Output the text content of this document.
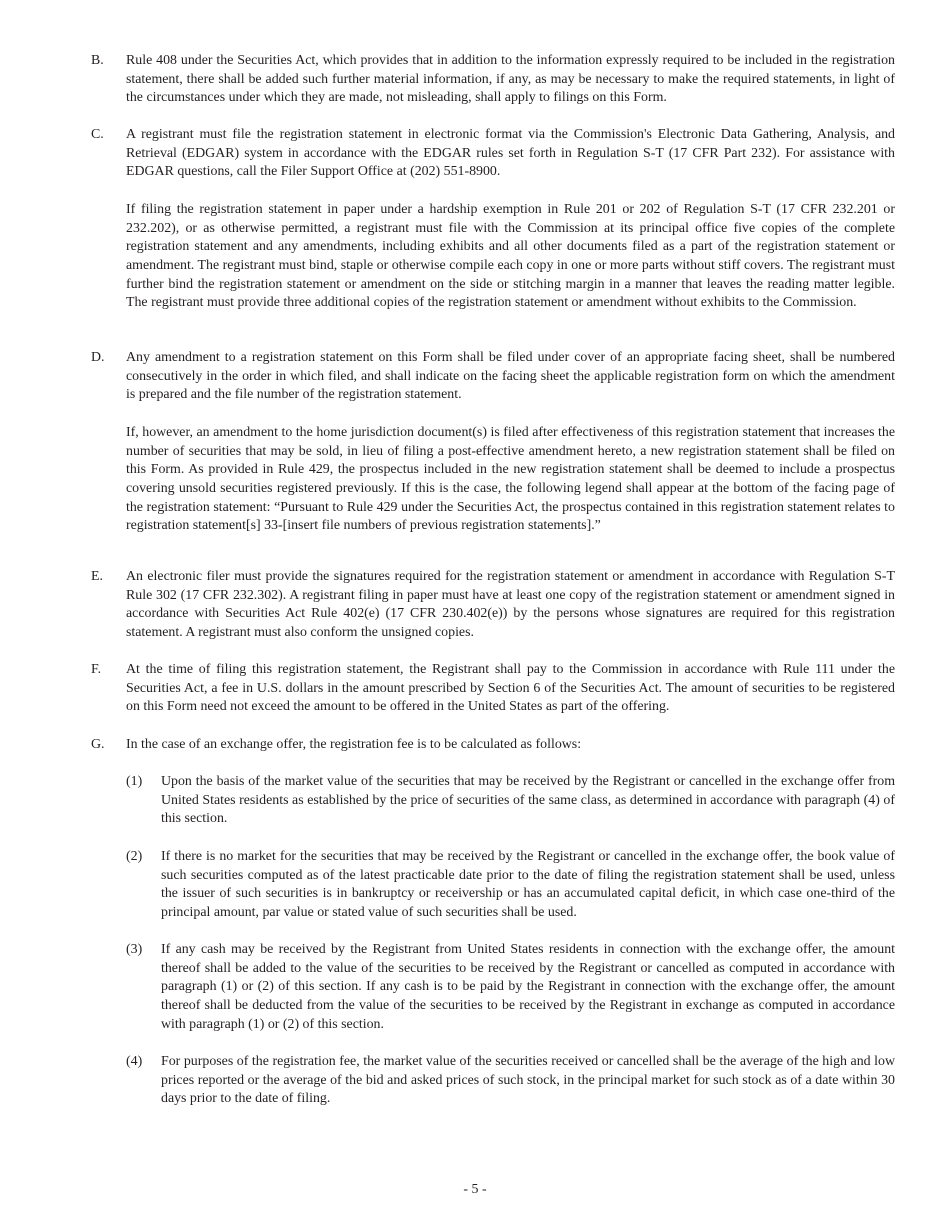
B.	Rule 408 under the Securities Act, which provides that in addition to the information expressly required to be included in the registration statement, there shall be added such further material information, if any, as may be necessary to make the required statements, in light of the circumstances under which they are made, not misleading, shall apply to filings on this Form.

C.	A registrant must file the registration statement in electronic format via the Commission's Electronic Data Gathering, Analysis, and Retrieval (EDGAR) system in accordance with the EDGAR rules set forth in Regulation S-T (17 CFR Part 232). For assistance with EDGAR questions, call the Filer Support Office at (202) 551-8900.

If filing the registration statement in paper under a hardship exemption in Rule 201 or 202 of Regulation S-T (17 CFR 232.201 or 232.202), or as otherwise permitted, a registrant must file with the Commission at its principal office five copies of the complete registration statement and any amendments, including exhibits and all other documents filed as a part of the registration statement or amendment. The registrant must bind, staple or otherwise compile each copy in one or more parts without stiff covers. The registrant must further bind the registration statement or amendment on the side or stitching margin in a manner that leaves the reading matter legible. The registrant must provide three additional copies of the registration statement or amendment without exhibits to the Commission.

D.	Any amendment to a registration statement on this Form shall be filed under cover of an appropriate facing sheet, shall be numbered consecutively in the order in which filed, and shall indicate on the facing sheet the applicable registration form on which the amendment is prepared and the file number of the registration statement.

If, however, an amendment to the home jurisdiction document(s) is filed after effectiveness of this registration statement that increases the number of securities that may be sold, in lieu of filing a post-effective amendment hereto, a new registration statement shall be filed on this Form. As provided in Rule 429, the prospectus included in the new registration statement shall be deemed to include a prospectus covering unsold securities registered previously. If this is the case, the following legend shall appear at the bottom of the facing page of the registration statement: “Pursuant to Rule 429 under the Securities Act, the prospectus contained in this registration statement relates to registration statement[s] 33-[insert file numbers of previous registration statements].”

E.	An electronic filer must provide the signatures required for the registration statement or amendment in accordance with Regulation S-T Rule 302 (17 CFR 232.302). A registrant filing in paper must have at least one copy of the registration statement or amendment signed in accordance with Securities Act Rule 402(e) (17 CFR 230.402(e)) by the persons whose signatures are required for this registration statement. A registrant must also conform the unsigned copies.

F.	At the time of filing this registration statement, the Registrant shall pay to the Commission in accordance with Rule 111 under the Securities Act, a fee in U.S. dollars in the amount prescribed by Section 6 of the Securities Act. The amount of securities to be registered on this Form need not exceed the amount to be offered in the United States as part of the offering.

G.	In the case of an exchange offer, the registration fee is to be calculated as follows:

(1)	Upon the basis of the market value of the securities that may be received by the Registrant or cancelled in the exchange offer from United States residents as established by the price of securities of the same class, as determined in accordance with paragraph (4) of this section.
(2)	If there is no market for the securities that may be received by the Registrant or cancelled in the exchange offer, the book value of such securities computed as of the latest practicable date prior to the date of filing the registration statement shall be used, unless the issuer of such securities is in bankruptcy or receivership or has an accumulated capital deficit, in which case one-third of the principal amount, par value or stated value of such securities shall be used.
(3)	If any cash may be received by the Registrant from United States residents in connection with the exchange offer, the amount thereof shall be added to the value of the securities to be received by the Registrant or cancelled as computed in accordance with paragraph (1) or (2) of this section. If any cash is to be paid by the Registrant in connection with the exchange offer, the amount thereof shall be deducted from the value of the securities to be received by the Registrant in exchange as computed in accordance with paragraph (1) or (2) of this section.
(4)	For purposes of the registration fee, the market value of the securities received or cancelled shall be the average of the high and low prices reported or the average of the bid and asked prices of such stock, in the principal market for such stock as of a date within 30 days prior to the date of filing.
- 5 -
